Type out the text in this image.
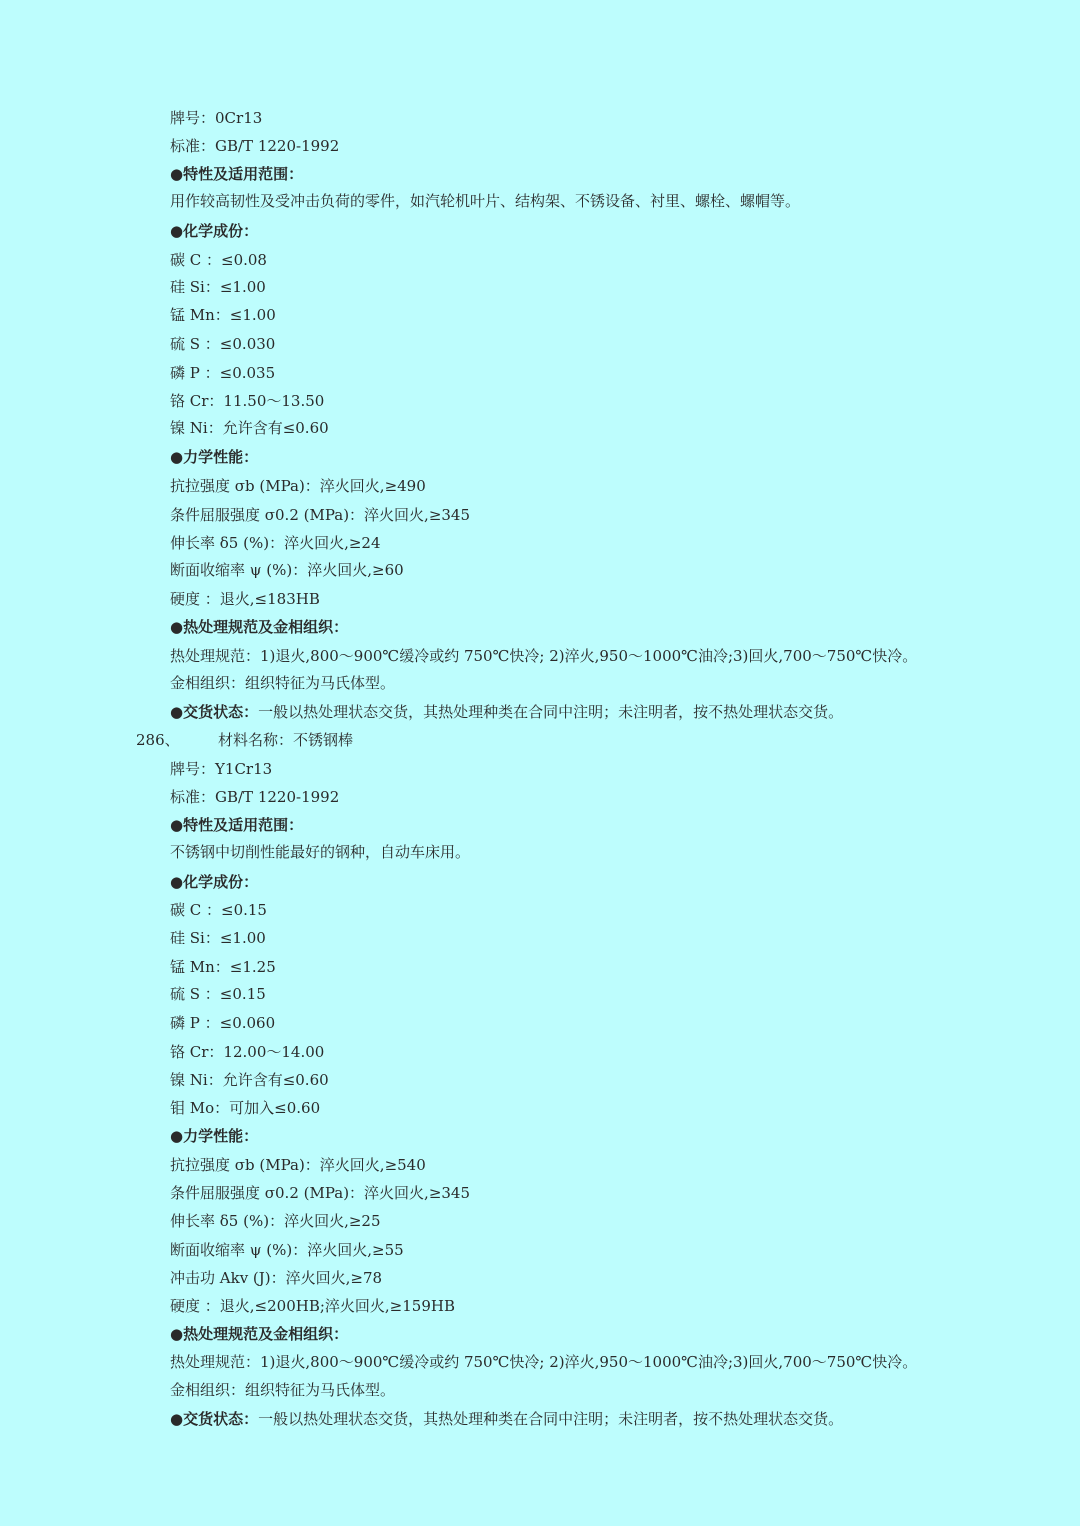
牌号：0Cr13
标准：GB/T 1220-1992
●特性及适用范围：
用作较高韧性及受冲击负荷的零件，如汽轮机叶片、结构架、不锈设备、衬里、螺栓、螺帽等。
●化学成份：
碳 C ：≤0.08
硅 Si：≤1.00
锰 Mn：≤1.00
硫 S ：≤0.030
磷 P ：≤0.035
铬 Cr：11.50～13.50
镍 Ni：允许含有≤0.60
●力学性能：
抗拉强度 σb (MPa)：淬火回火,≥490
条件屈服强度 σ0.2 (MPa)：淬火回火,≥345
伸长率 δ5 (%)：淬火回火,≥24
断面收缩率 ψ (%)：淬火回火,≥60
硬度 ：退火,≤183HB
●热处理规范及金相组织：
热处理规范：1)退火,800～900℃缓冷或约 750℃快冷; 2)淬火,950～1000℃油冷;3)回火,700～750℃快冷。
金相组织：组织特征为马氏体型。
●交货状态：一般以热处理状态交货，其热处理种类在合同中注明；未注明者，按不热处理状态交货。
286、	材料名称：不锈钢棒
牌号：Y1Cr13
标准：GB/T 1220-1992
●特性及适用范围：
不锈钢中切削性能最好的钢种，自动车床用。
●化学成份：
碳 C ：≤0.15
硅 Si：≤1.00
锰 Mn：≤1.25
硫 S ：≤0.15
磷 P ：≤0.060
铬 Cr：12.00～14.00
镍 Ni：允许含有≤0.60
钼 Mo：可加入≤0.60
●力学性能：
抗拉强度 σb (MPa)：淬火回火,≥540
条件屈服强度 σ0.2 (MPa)：淬火回火,≥345
伸长率 δ5 (%)：淬火回火,≥25
断面收缩率 ψ (%)：淬火回火,≥55
冲击功 Akv (J)：淬火回火,≥78
硬度 ：退火,≤200HB;淬火回火,≥159HB
●热处理规范及金相组织：
热处理规范：1)退火,800～900℃缓冷或约 750℃快冷; 2)淬火,950～1000℃油冷;3)回火,700～750℃快冷。
金相组织：组织特征为马氏体型。
●交货状态：一般以热处理状态交货，其热处理种类在合同中注明；未注明者，按不热处理状态交货。
